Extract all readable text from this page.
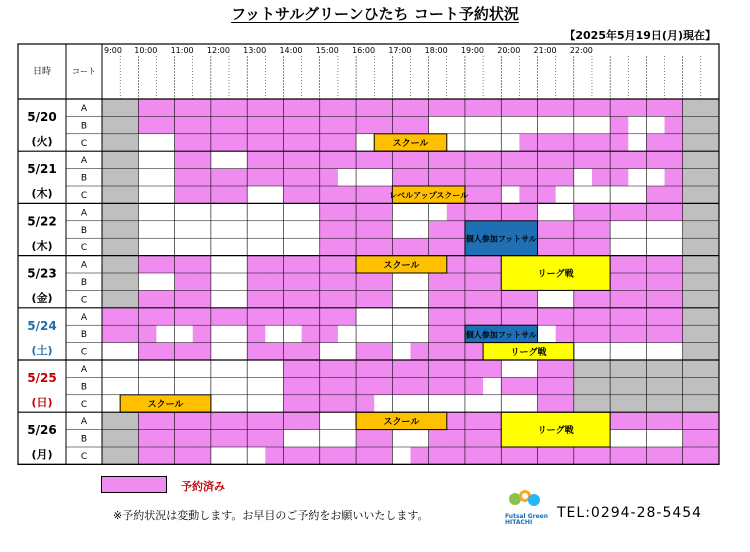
フットサルグリーンひたち コート予約状況
【2025年5月19日(月)現在】
9:00 10:00 11:00 12:00 13:00 14:00 15:00 16:00 17:00 18:00 19:00 20:00 21:00 22:00
日時	コート
5/20
(火)
A
B
C
5/21
(木)
A
B
C
5/22
(木)
A
B
C
5/23
(金)
A
B
C
5/24
(土)
A
B
C
5/25
(日)
A
B
C
5/26
(月)
A
B
C
スクール
レベルアップスクール
個人参加フットサル
スクール
リーグ戦
個人参加フットサル
リーグ戦
スクール
スクール
リーグ戦
予約済み
※予約状況は変動します。お早目のご予約をお願いいたします。	Futsal Green HITACHI
TEL:0294-28-5454
